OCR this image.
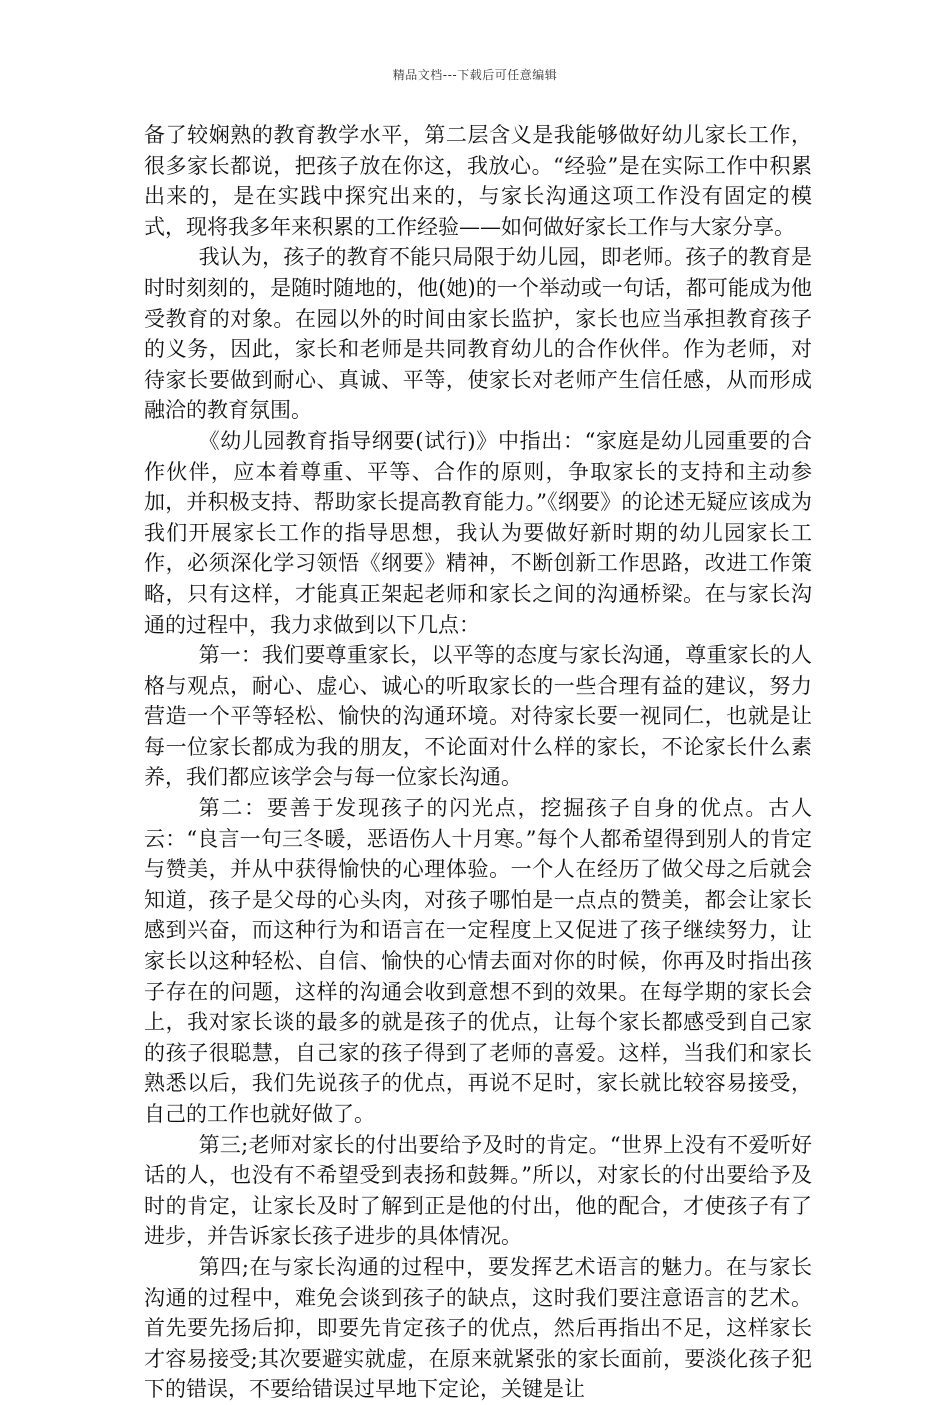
精品文档---下载后可任意编辑

备了较娴熟的教育教学水平，第二层含义是我能够做好幼儿家长工作，很多家长都说，把孩子放在你这，我放心。“经验”是在实际工作中积累出来的，是在实践中探究出来的，与家长沟通这项工作没有固定的模式，现将我多年来积累的工作经验——如何做好家长工作与大家分享。

我认为，孩子的教育不能只局限于幼儿园，即老师。孩子的教育是时时刻刻的，是随时随地的，他(她)的一个举动或一句话，都可能成为他受教育的对象。在园以外的时间由家长监护，家长也应当承担教育孩子的义务，因此，家长和老师是共同教育幼儿的合作伙伴。作为老师，对待家长要做到耐心、真诚、平等，使家长对老师产生信任感，从而形成融洽的教育氛围。

《幼儿园教育指导纲要(试行)》中指出：“家庭是幼儿园重要的合作伙伴，应本着尊重、平等、合作的原则，争取家长的支持和主动参加，并积极支持、帮助家长提高教育能力。”《纲要》的论述无疑应该成为我们开展家长工作的指导思想，我认为要做好新时期的幼儿园家长工作，必须深化学习领悟《纲要》精神，不断创新工作思路，改进工作策略，只有这样，才能真正架起老师和家长之间的沟通桥梁。在与家长沟通的过程中，我力求做到以下几点：

第一：我们要尊重家长，以平等的态度与家长沟通，尊重家长的人格与观点，耐心、虚心、诚心的听取家长的一些合理有益的建议，努力营造一个平等轻松、愉快的沟通环境。对待家长要一视同仁，也就是让每一位家长都成为我的朋友，不论面对什么样的家长，不论家长什么素养，我们都应该学会与每一位家长沟通。

第二：要善于发现孩子的闪光点，挖掘孩子自身的优点。古人云：“良言一句三冬暖，恶语伤人十月寒。”每个人都希望得到别人的肯定与赞美，并从中获得愉快的心理体验。一个人在经历了做父母之后就会知道，孩子是父母的心头肉，对孩子哪怕是一点点的赞美，都会让家长感到兴奋，而这种行为和语言在一定程度上又促进了孩子继续努力，让家长以这种轻松、自信、愉快的心情去面对你的时候，你再及时指出孩子存在的问题，这样的沟通会收到意想不到的效果。在每学期的家长会上，我对家长谈的最多的就是孩子的优点，让每个家长都感受到自己家的孩子很聪慧，自己家的孩子得到了老师的喜爱。这样，当我们和家长熟悉以后，我们先说孩子的优点，再说不足时，家长就比较容易接受，自己的工作也就好做了。

第三;老师对家长的付出要给予及时的肯定。“世界上没有不爱听好话的人，也没有不希望受到表扬和鼓舞。”所以，对家长的付出要给予及时的肯定，让家长及时了解到正是他的付出，他的配合，才使孩子有了进步，并告诉家长孩子进步的具体情况。

第四;在与家长沟通的过程中，要发挥艺术语言的魅力。在与家长沟通的过程中，难免会谈到孩子的缺点，这时我们要注意语言的艺术。首先要先扬后抑，即要先肯定孩子的优点，然后再指出不足，这样家长才容易接受;其次要避实就虚，在原来就紧张的家长面前，要淡化孩子犯下的错误，不要给错误过早地下定论，关键是让
